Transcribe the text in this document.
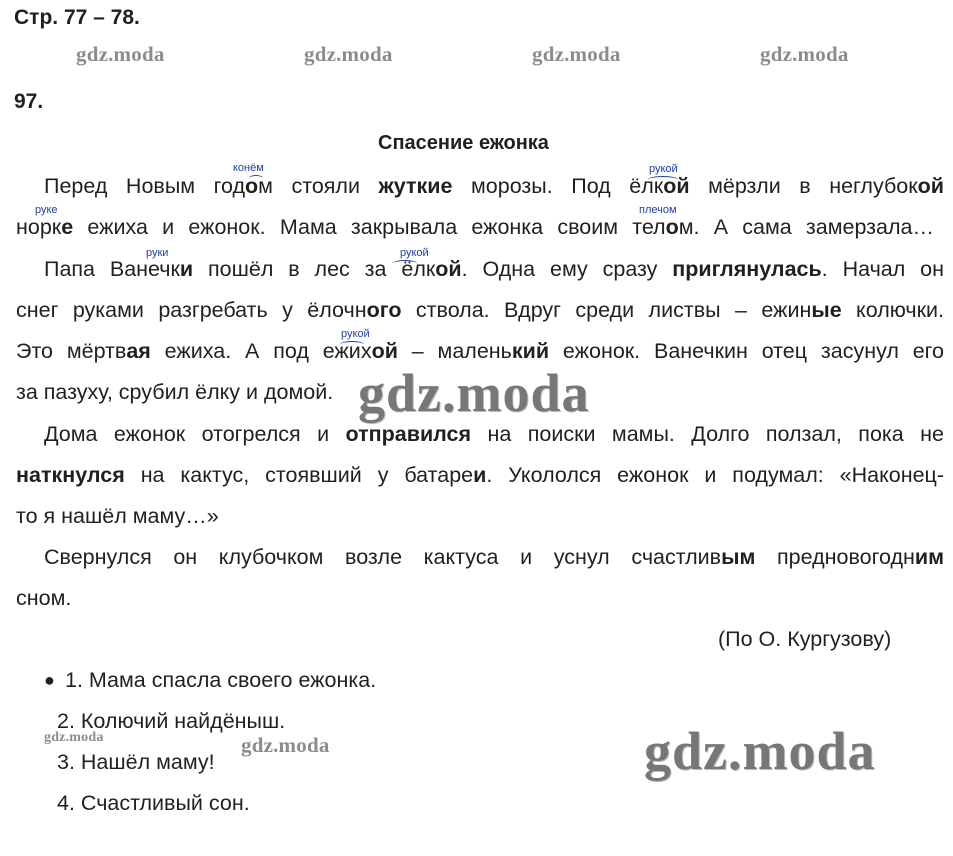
Стр. 77 – 78.
gdz.moda	gdz.moda	gdz.moda	gdz.moda
97.
Спасение ежонка
конём	рукой
руке	плечом
руки	рукой
рукой
Перед Новым годом стояли жуткие морозы. Под ёлкой мёрзли в неглубокой
норке ежиха и ежонок. Мама закрывала ежонка своим телом. А сама замерзала…
Папа Ванечки пошёл в лес за ёлкой. Одна ему сразу приглянулась. Начал он
снег руками разгребать у ёлочного ствола. Вдруг среди листвы – ежиные колючки.
Это мёртвая ежиха. А под ежихой – маленький ежонок. Ванечкин отец засунул его
за пазуху, срубил ёлку и домой. gdz.moda
Дома ежонок отогрелся и отправился на поиски мамы. Долго ползал, пока не
наткнулся на кактус, стоявший у батареи. Укололся ежонок и подумал: «Наконец-
то я нашёл маму…»
Свернулся он клубочком возле кактуса и уснул счастливым предновогодним
сном.
(По О. Кургузову)
● 1. Мама спасла своего ежонка.
2. Колючий найдёныш.
gdz.moda	gdz.moda
3. Нашёл маму!
4. Счастливый сон.
gdz.moda
